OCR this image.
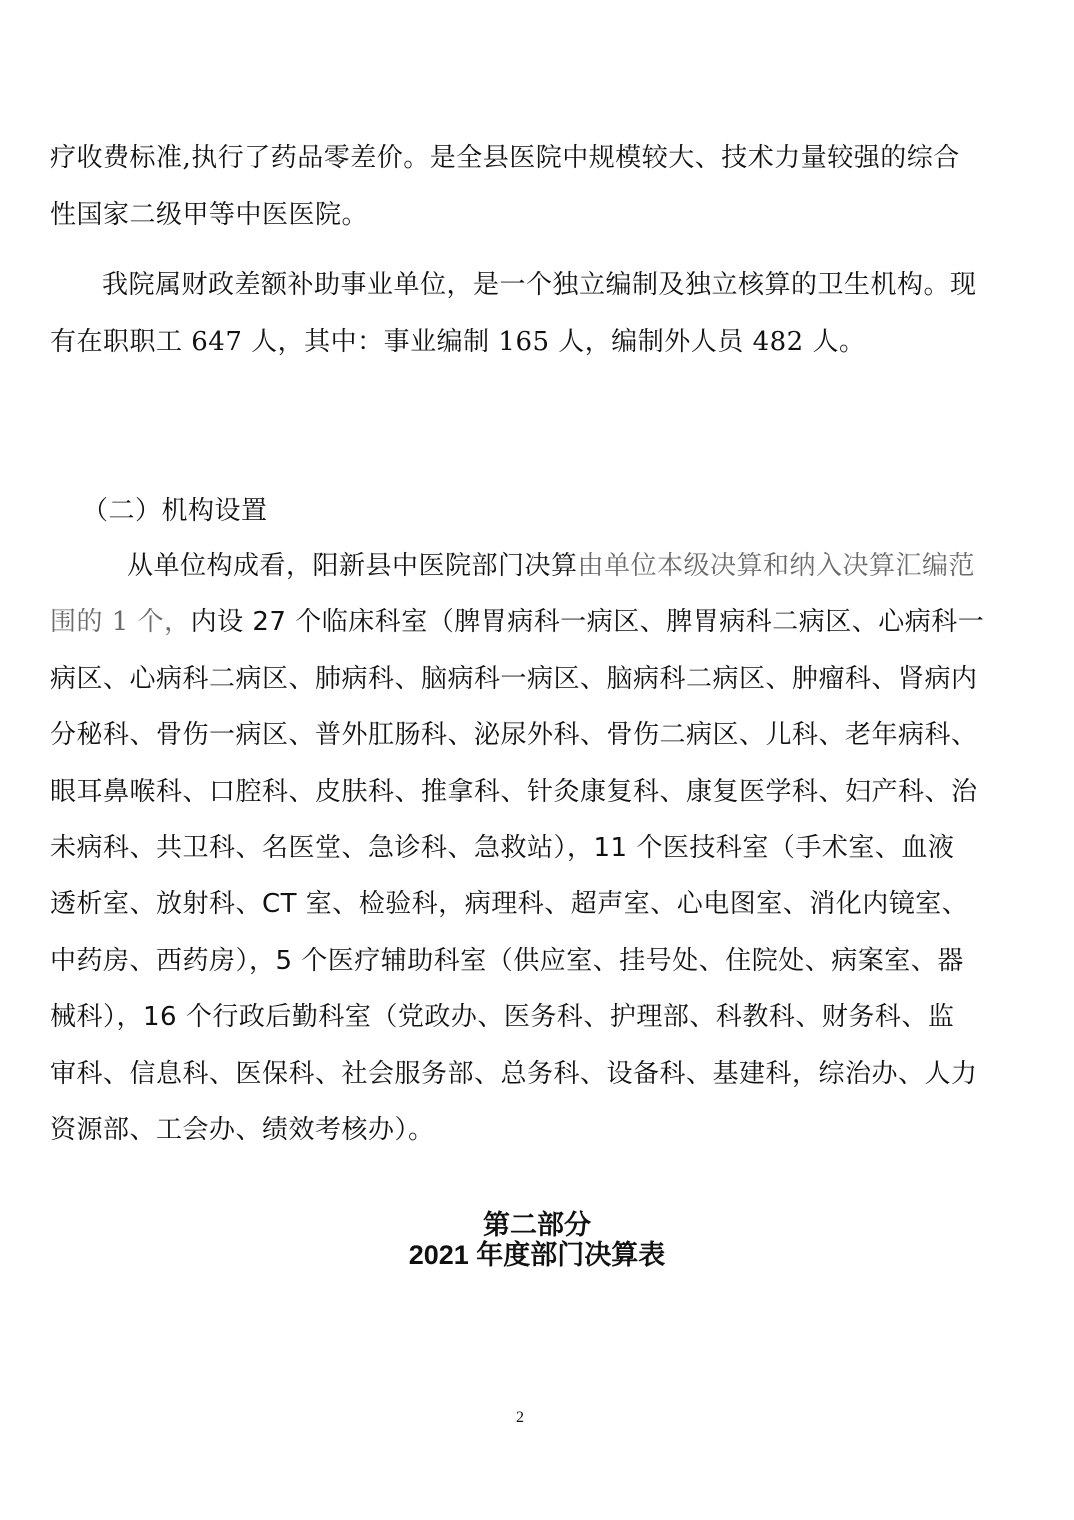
疗收费标准,执行了药品零差价。是全县医院中规模较大、技术力量较强的综合
性国家二级甲等中医医院。
我院属财政差额补助事业单位，是一个独立编制及独立核算的卫生机构。现
有在职职工 647 人，其中：事业编制 165 人，编制外人员 482 人。
（二）机构设置
从单位构成看，阳新县中医院部门决算由单位本级决算和纳入决算汇编范
围的 1 个，内设 27 个临床科室（脾胃病科一病区、脾胃病科二病区、心病科一
病区、心病科二病区、肺病科、脑病科一病区、脑病科二病区、肿瘤科、肾病内
分秘科、骨伤一病区、普外肛肠科、泌尿外科、骨伤二病区、儿科、老年病科、
眼耳鼻喉科、口腔科、皮肤科、推拿科、针灸康复科、康复医学科、妇产科、治
未病科、共卫科、名医堂、急诊科、急救站），11 个医技科室（手术室、血液
透析室、放射科、CT 室、检验科，病理科、超声室、心电图室、消化内镜室、
中药房、西药房），5 个医疗辅助科室（供应室、挂号处、住院处、病案室、器
械科），16 个行政后勤科室（党政办、医务科、护理部、科教科、财务科、监
审科、信息科、医保科、社会服务部、总务科、设备科、基建科，综治办、人力
资源部、工会办、绩效考核办）。
第二部分
2021 年度部门决算表
2
